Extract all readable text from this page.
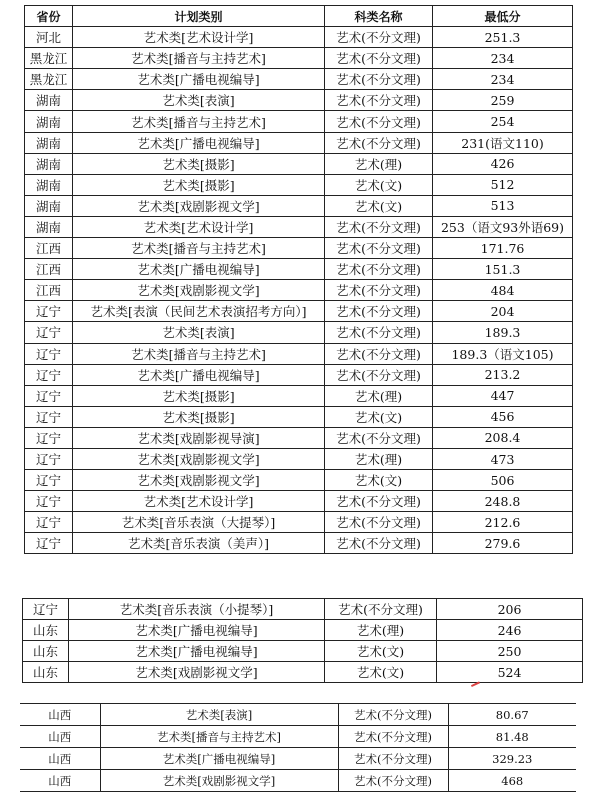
省份	计划类别	科类名称	最低分
河北	艺术类[艺术设计学]	艺术(不分文理)	251.3
黑龙江	艺术类[播音与主持艺术]	艺术(不分文理)	234
黑龙江	艺术类[广播电视编导]	艺术(不分文理)	234
湖南	艺术类[表演]	艺术(不分文理)	259
湖南	艺术类[播音与主持艺术]	艺术(不分文理)	254
湖南	艺术类[广播电视编导]	艺术(不分文理)	231(语文110)
湖南	艺术类[摄影]	艺术(理)	426
湖南	艺术类[摄影]	艺术(文)	512
湖南	艺术类[戏剧影视文学]	艺术(文)	513
湖南	艺术类[艺术设计学]	艺术(不分文理)	253（语文93外语69)
江西	艺术类[播音与主持艺术]	艺术(不分文理)	171.76
江西	艺术类[广播电视编导]	艺术(不分文理)	151.3
江西	艺术类[戏剧影视文学]	艺术(不分文理)	484
辽宁	艺术类[表演（民间艺术表演招考方向）]	艺术(不分文理)	204
辽宁	艺术类[表演]	艺术(不分文理)	189.3
辽宁	艺术类[播音与主持艺术]	艺术(不分文理)	189.3（语文105)
辽宁	艺术类[广播电视编导]	艺术(不分文理)	213.2
辽宁	艺术类[摄影]	艺术(理)	447
辽宁	艺术类[摄影]	艺术(文)	456
辽宁	艺术类[戏剧影视导演]	艺术(不分文理)	208.4
辽宁	艺术类[戏剧影视文学]	艺术(理)	473
辽宁	艺术类[戏剧影视文学]	艺术(文)	506
辽宁	艺术类[艺术设计学]	艺术(不分文理)	248.8
辽宁	艺术类[音乐表演（大提琴）]	艺术(不分文理)	212.6
辽宁	艺术类[音乐表演（美声）]	艺术(不分文理)	279.6
辽宁	艺术类[音乐表演（小提琴）]	艺术(不分文理)	206
山东	艺术类[广播电视编导]	艺术(理)	246
山东	艺术类[广播电视编导]	艺术(文)	250
山东	艺术类[戏剧影视文学]	艺术(文)	524
山西	艺术类[表演]	艺术(不分文理)	80.67
山西	艺术类[播音与主持艺术]	艺术(不分文理)	81.48
山西	艺术类[广播电视编导]	艺术(不分文理)	329.23
山西	艺术类[戏剧影视文学]	艺术(不分文理)	468
